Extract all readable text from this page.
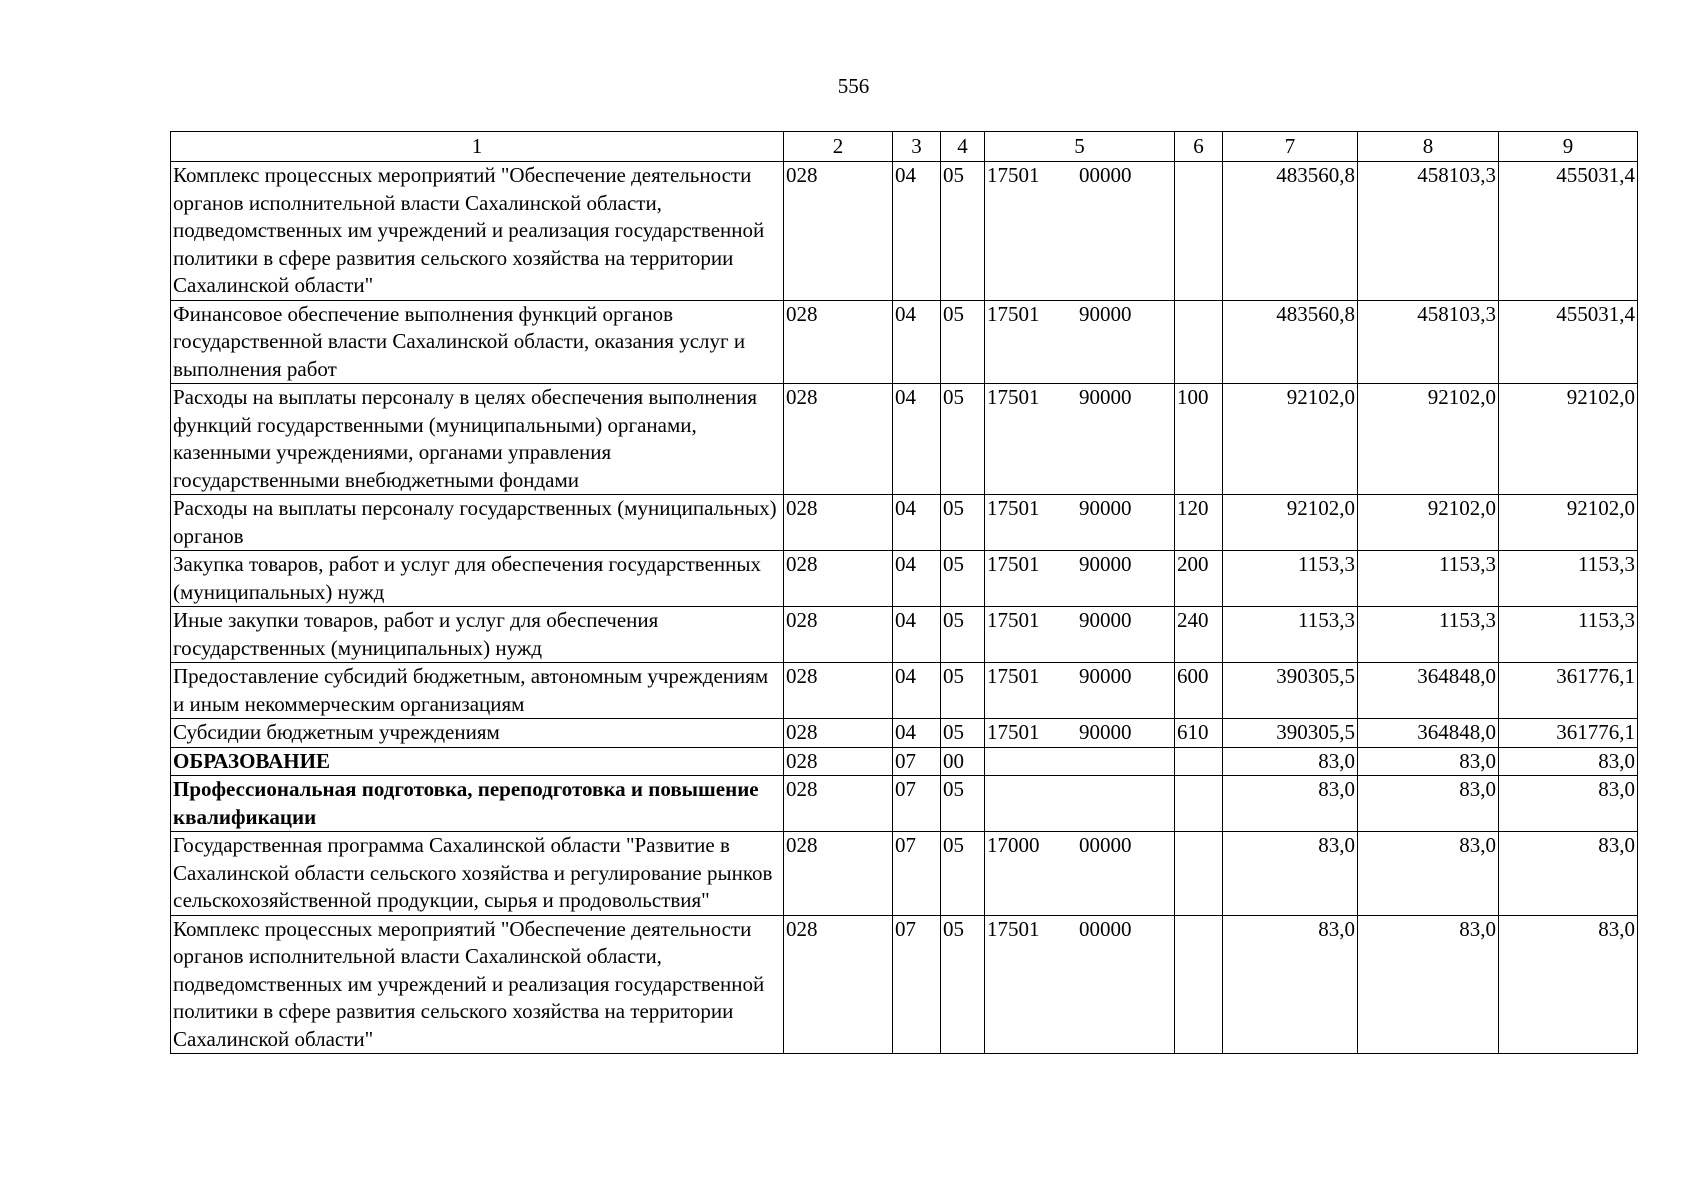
556
1	2	3	4	5	6	7	8	9
Комплекс процессных мероприятий "Обеспечение деятельности органов исполнительной власти Сахалинской области, подведомственных им учреждений и реализация государственной политики в сфере развития сельского хозяйства на территории Сахалинской области"	028	04	05	17501 00000		483560,8	458103,3	455031,4
Финансовое обеспечение выполнения функций органов государственной власти Сахалинской области, оказания услуг и выполнения работ	028	04	05	17501 90000		483560,8	458103,3	455031,4
Расходы на выплаты персоналу в целях обеспечения выполнения функций государственными (муниципальными) органами, казенными учреждениями, органами управления государственными внебюджетными фондами	028	04	05	17501 90000	100	92102,0	92102,0	92102,0
Расходы на выплаты персоналу государственных (муниципальных) органов	028	04	05	17501 90000	120	92102,0	92102,0	92102,0
Закупка товаров, работ и услуг для обеспечения государственных (муниципальных) нужд	028	04	05	17501 90000	200	1153,3	1153,3	1153,3
Иные закупки товаров, работ и услуг для обеспечения государственных (муниципальных) нужд	028	04	05	17501 90000	240	1153,3	1153,3	1153,3
Предоставление субсидий бюджетным, автономным учреждениям и иным некоммерческим организациям	028	04	05	17501 90000	600	390305,5	364848,0	361776,1
Субсидии бюджетным учреждениям	028	04	05	17501 90000	610	390305,5	364848,0	361776,1
ОБРАЗОВАНИЕ	028	07	00			83,0	83,0	83,0
Профессиональная подготовка, переподготовка и повышение квалификации	028	07	05			83,0	83,0	83,0
Государственная программа Сахалинской области "Развитие в Сахалинской области сельского хозяйства и регулирование рынков сельскохозяйственной продукции, сырья и продовольствия"	028	07	05	17000 00000		83,0	83,0	83,0
Комплекс процессных мероприятий "Обеспечение деятельности органов исполнительной власти Сахалинской области, подведомственных им учреждений и реализация государственной политики в сфере развития сельского хозяйства на территории Сахалинской области"	028	07	05	17501 00000		83,0	83,0	83,0
